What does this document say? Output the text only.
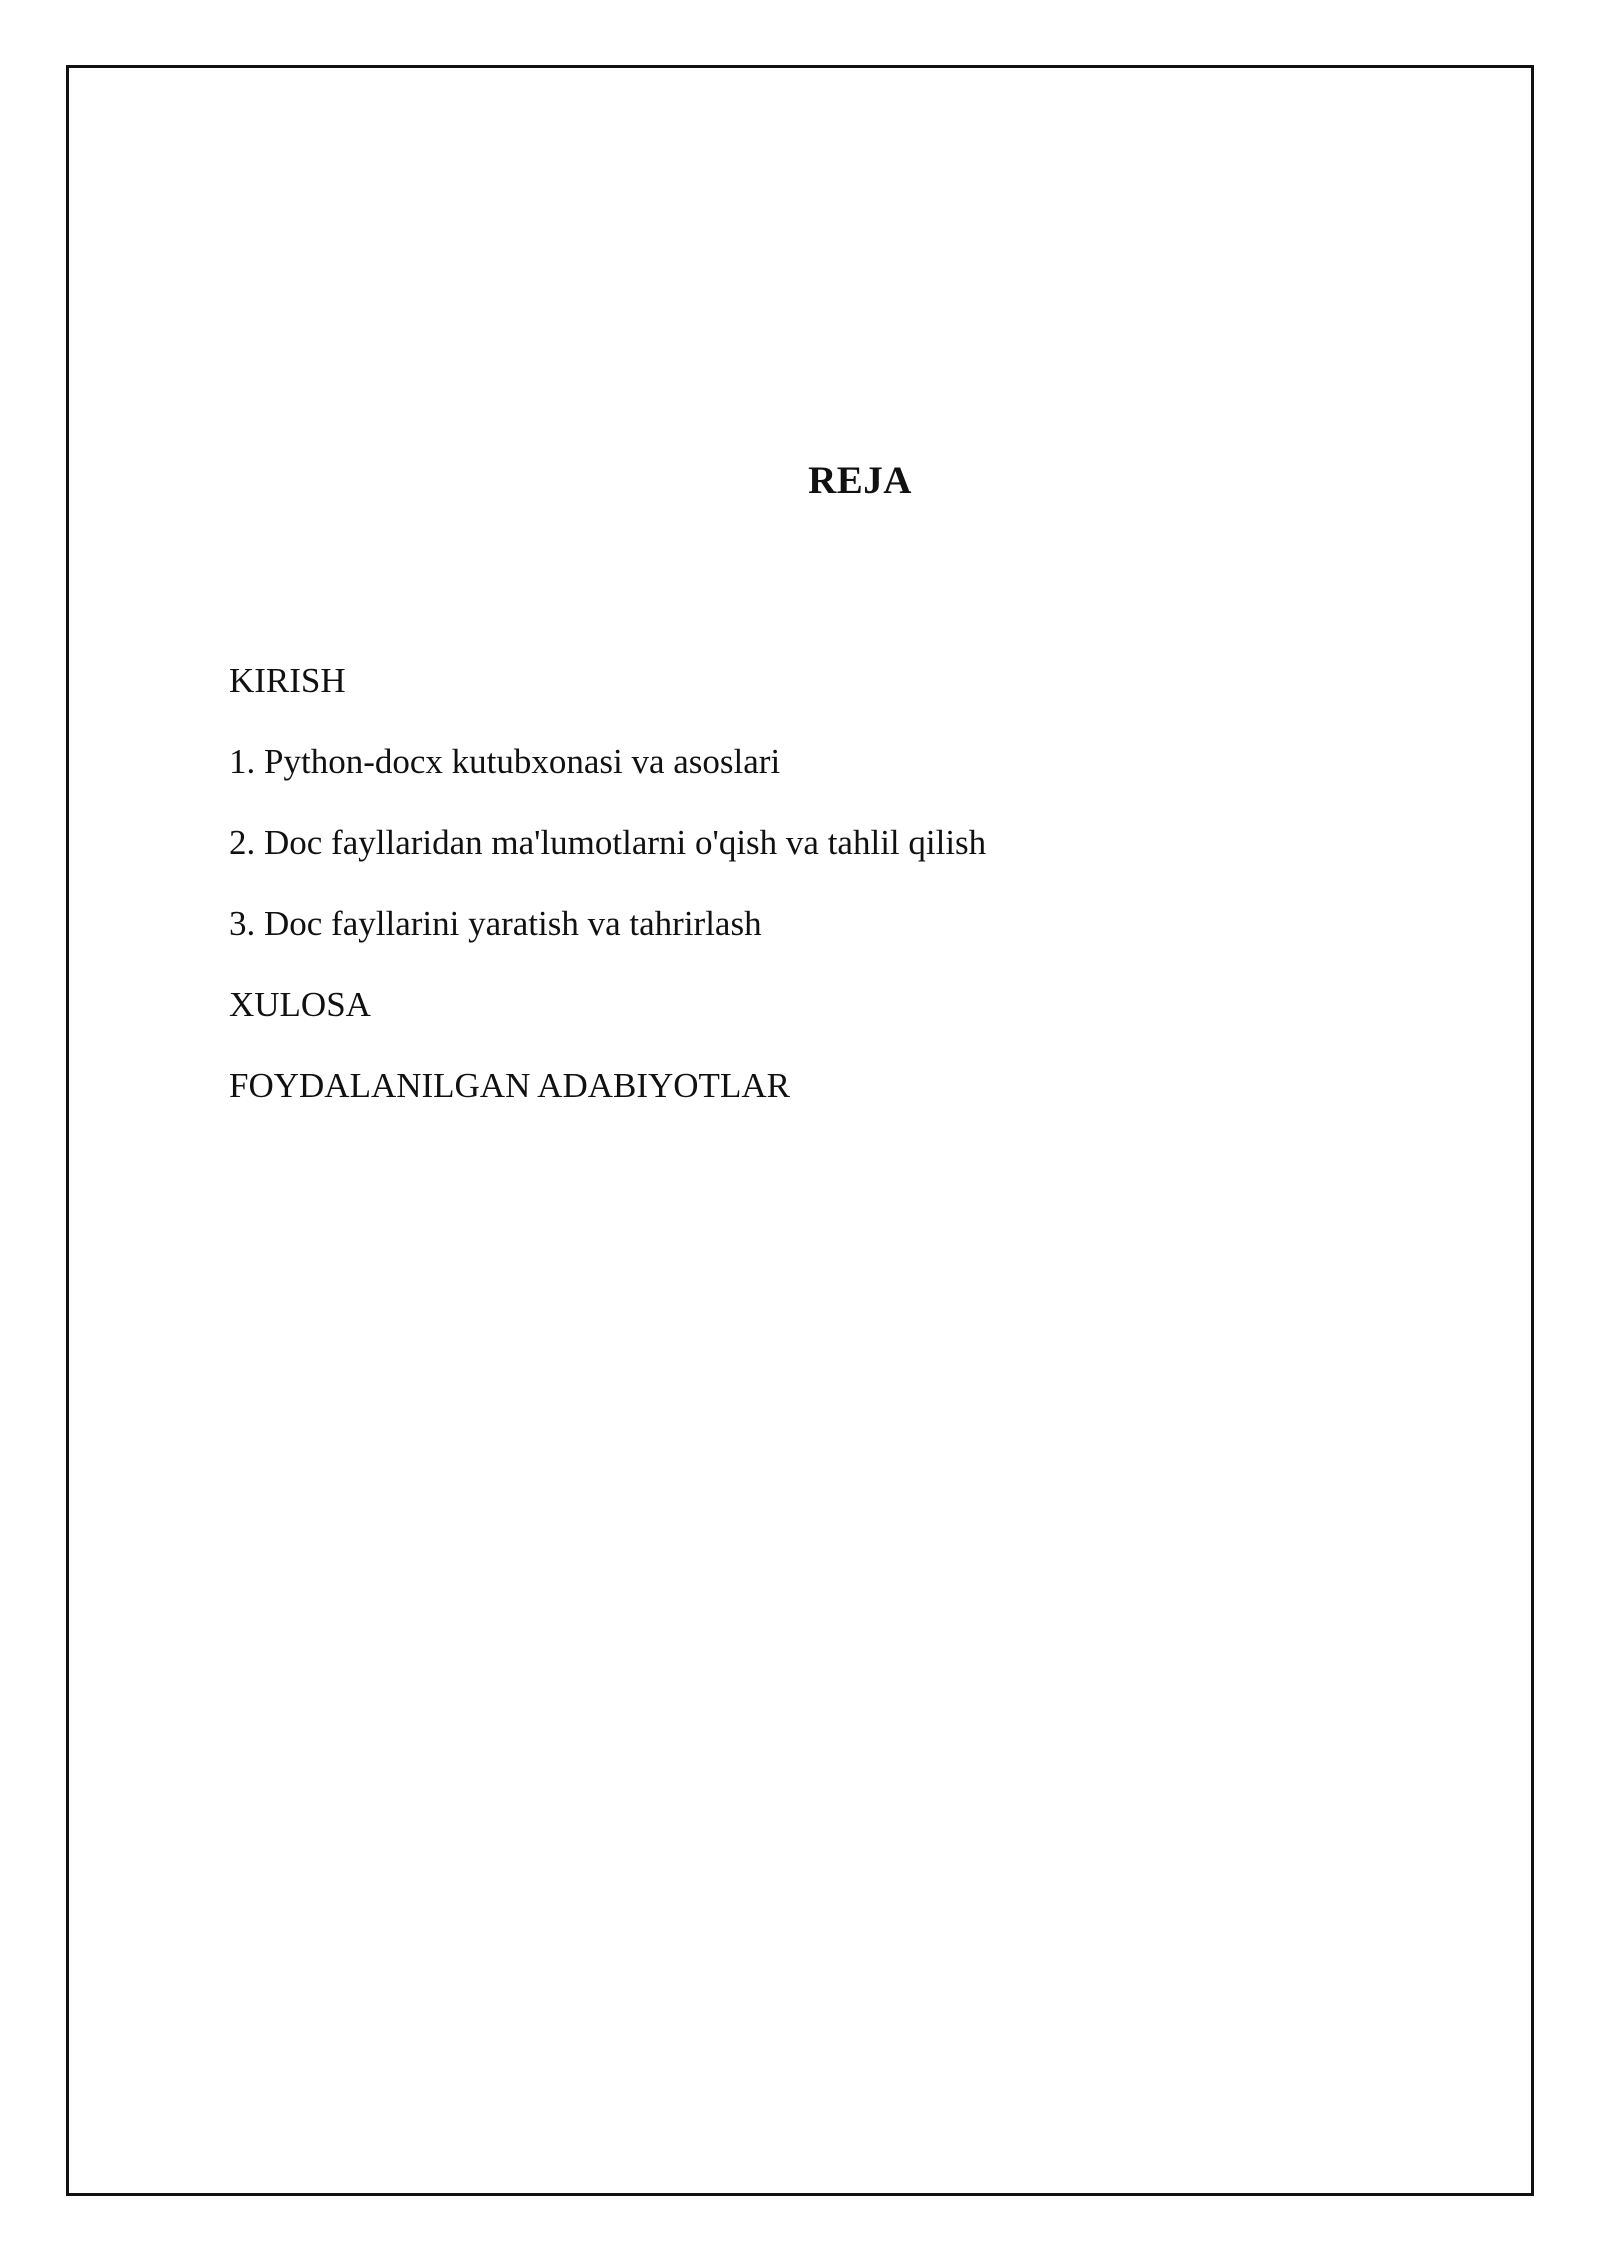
REJA
KIRISH
1. Python-docx kutubxonasi va asoslari
2. Doc fayllaridan ma'lumotlarni o'qish va tahlil qilish
3. Doc fayllarini yaratish va tahrirlash
XULOSA
FOYDALANILGAN ADABIYOTLAR
